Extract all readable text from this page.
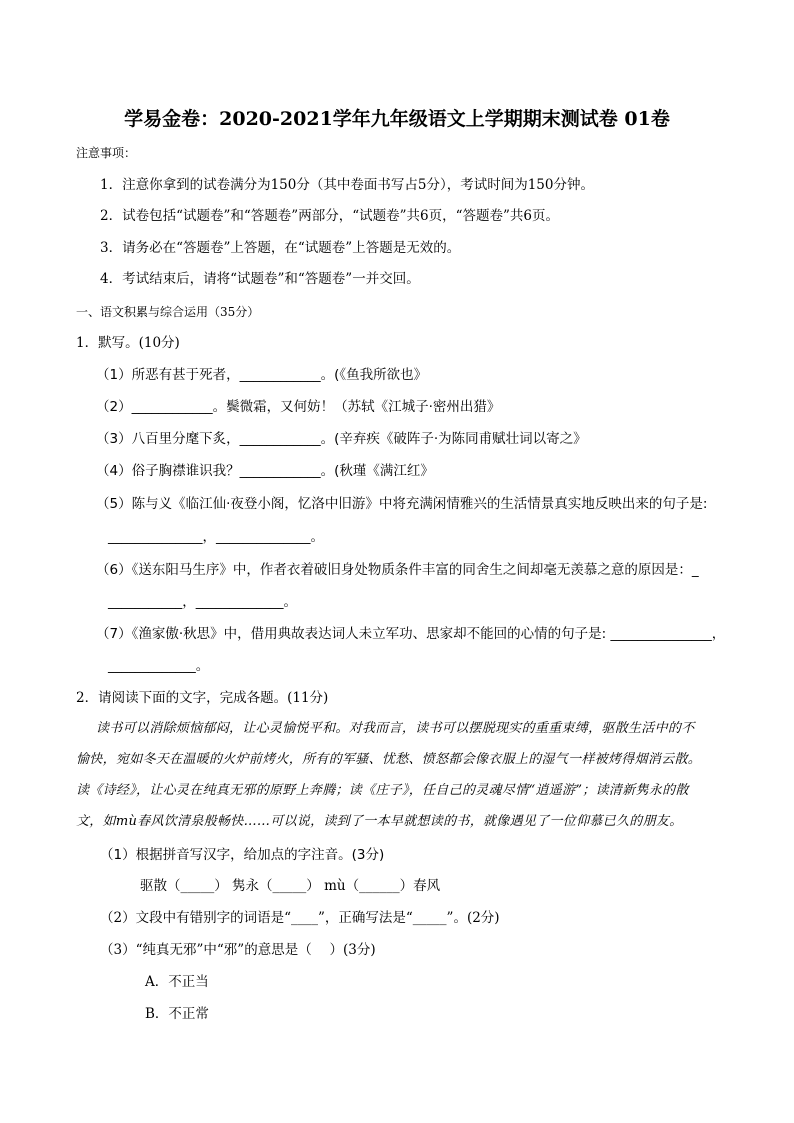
学易金卷：2020-2021学年九年级语文上学期期末测试卷 01卷
注意事项：
1．注意你拿到的试卷满分为150分（其中卷面书写占5分），考试时间为150分钟。
2．试卷包括“试题卷”和“答题卷”两部分，“试题卷”共6页，“答题卷”共6页。
3．请务必在“答题卷”上答题，在“试题卷”上答题是无效的。
4．考试结束后，请将“试题卷”和“答题卷”一并交回。
一、语文积累与综合运用（35分）
1．默写。(10分)
（1）所恶有甚于死者，____________。(《鱼我所欲也》
（2）____________。鬓微霜，又何妨！（苏轼《江城子·密州出猎》
（3）八百里分麾下炙，____________。(辛弃疾《破阵子·为陈同甫赋壮词以寄之》
（4）俗子胸襟谁识我？____________。(秋瑾《满江红》
（5）陈与义《临江仙·夜登小阁，忆洛中旧游》中将充满闲情雅兴的生活情景真实地反映出来的句子是:
______________，______________。
（6）《送东阳马生序》中，作者衣着破旧身处物质条件丰富的同舍生之间却毫无羡慕之意的原因是：_
___________，_____________。
（7）《渔家傲·秋思》中，借用典故表达词人未立军功、思家却不能回的心情的句子是: _______________，
_____________。
2．请阅读下面的文字，完成各题。(11分)
读书可以消除烦恼郁闷，让心灵愉悦平和。对我而言，读书可以摆脱现实的重重束缚，驱散生活中的不
愉快，宛如冬天在温暖的火炉前烤火，所有的军骚、忧愁、愤怒都会像衣服上的湿气一样被烤得烟消云散。
读《诗经》，让心灵在纯真无邪的原野上奔腾；读《庄子》，任自己的灵魂尽情“逍遥游”；读清新隽永的散
文，如mù春风饮清泉般畅快……可以说，读到了一本早就想读的书，就像遇见了一位仰慕已久的朋友。
（1）根据拼音写汉字，给加点的字注音。(3分)
驱散（_____） 隽永（_____） mù（______）春风
（2）文段中有错别字的词语是“____”，正确写法是“_____”。(2分)
（3）“纯真无邪”中“邪”的意思是（　 ）(3分)
A．不正当
B．不正常
